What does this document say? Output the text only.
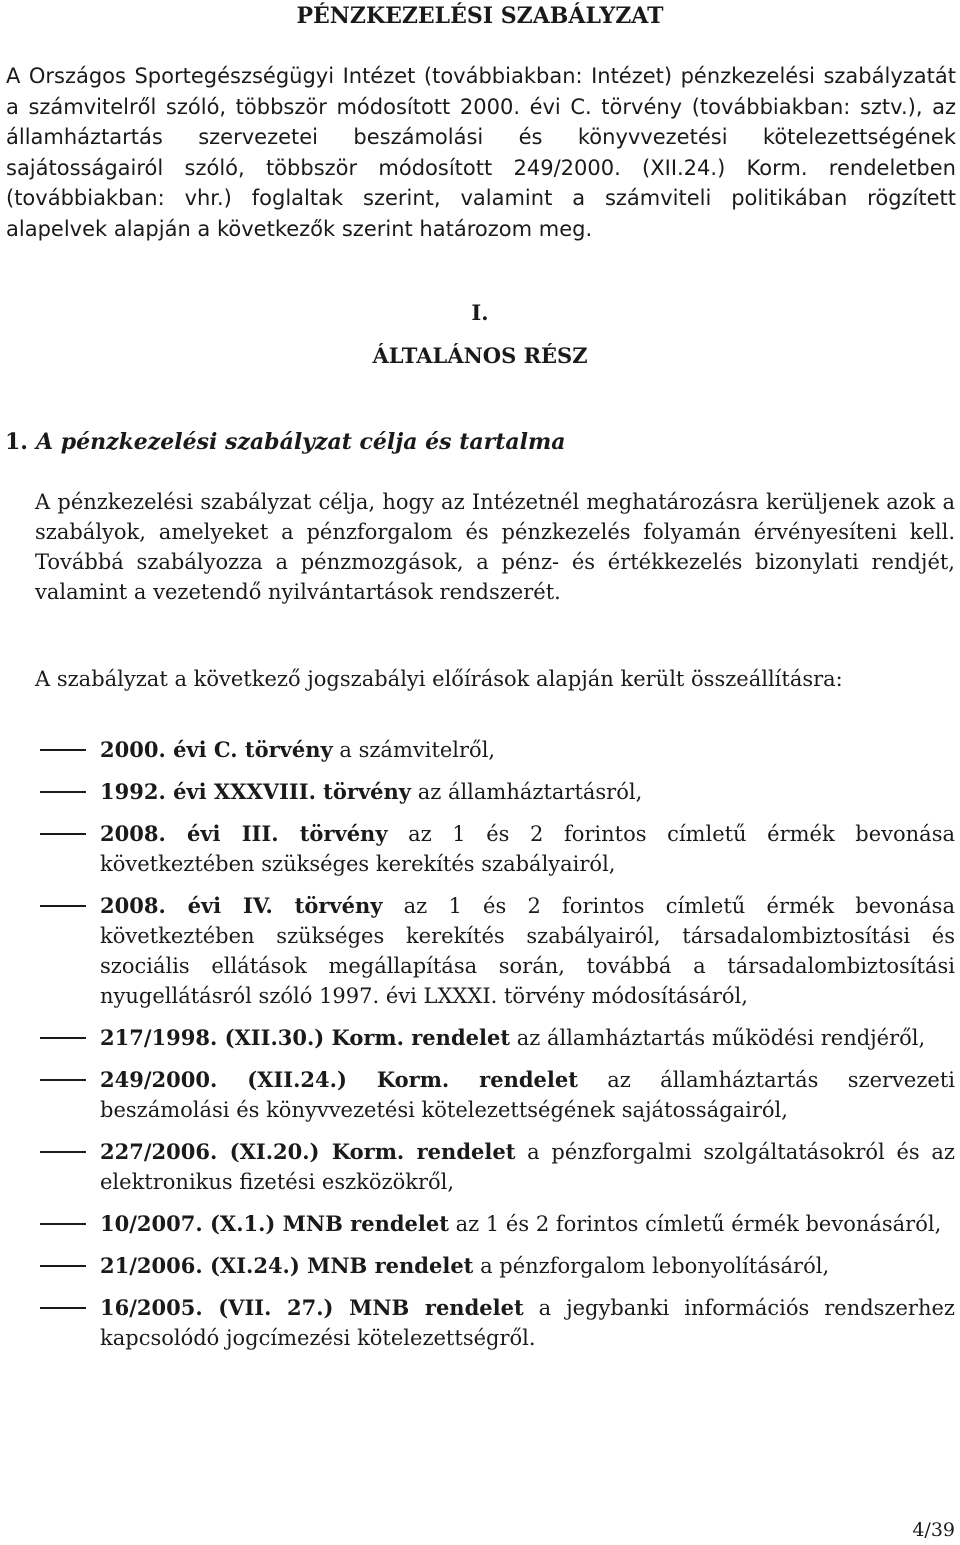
PÉNZKEZELÉSI SZABÁLYZAT
A Országos Sportegészségügyi Intézet (továbbiakban: Intézet) pénzkezelési szabályzatát a számvitelről szóló, többször módosított 2000. évi C. törvény (továbbiakban: sztv.), az államháztartás szervezetei beszámolási és könyvvezetési kötelezettségének sajátosságairól szóló, többször módosított 249/2000. (XII.24.) Korm. rendeletben (továbbiakban: vhr.) foglaltak szerint, valamint a számviteli politikában rögzített alapelvek alapján a következők szerint határozom meg.
I.
ÁLTALÁNOS RÉSZ
1. A pénzkezelési szabályzat célja és tartalma
A pénzkezelési szabályzat célja, hogy az Intézetnél meghatározásra kerüljenek azok a szabályok, amelyeket a pénzforgalom és pénzkezelés folyamán érvényesíteni kell. Továbbá szabályozza a pénzmozgások, a pénz- és értékkezelés bizonylati rendjét, valamint a vezetendő nyilvántartások rendszerét.
A szabályzat a következő jogszabályi előírások alapján került összeállításra:
2000. évi C. törvény a számvitelről,
1992. évi XXXVIII. törvény az államháztartásról,
2008. évi III. törvény az 1 és 2 forintos címletű érmék bevonása következtében szükséges kerekítés szabályairól,
2008. évi IV. törvény az 1 és 2 forintos címletű érmék bevonása következtében szükséges kerekítés szabályairól, társadalombiztosítási és szociális ellátások megállapítása során, továbbá a társadalombiztosítási nyugellátásról szóló 1997. évi LXXXI. törvény módosításáról,
217/1998. (XII.30.) Korm. rendelet az államháztartás működési rendjéről,
249/2000. (XII.24.) Korm. rendelet az államháztartás szervezeti beszámolási és könyvvezetési kötelezettségének sajátosságairól,
227/2006. (XI.20.) Korm. rendelet a pénzforgalmi szolgáltatásokról és az elektronikus fizetési eszközökről,
10/2007. (X.1.) MNB rendelet az 1 és 2 forintos címletű érmék bevonásáról,
21/2006. (XI.24.) MNB rendelet a pénzforgalom lebonyolításáról,
16/2005. (VII. 27.) MNB rendelet a jegybanki információs rendszerhez kapcsolódó jogcímezési kötelezettségről.
4/39
